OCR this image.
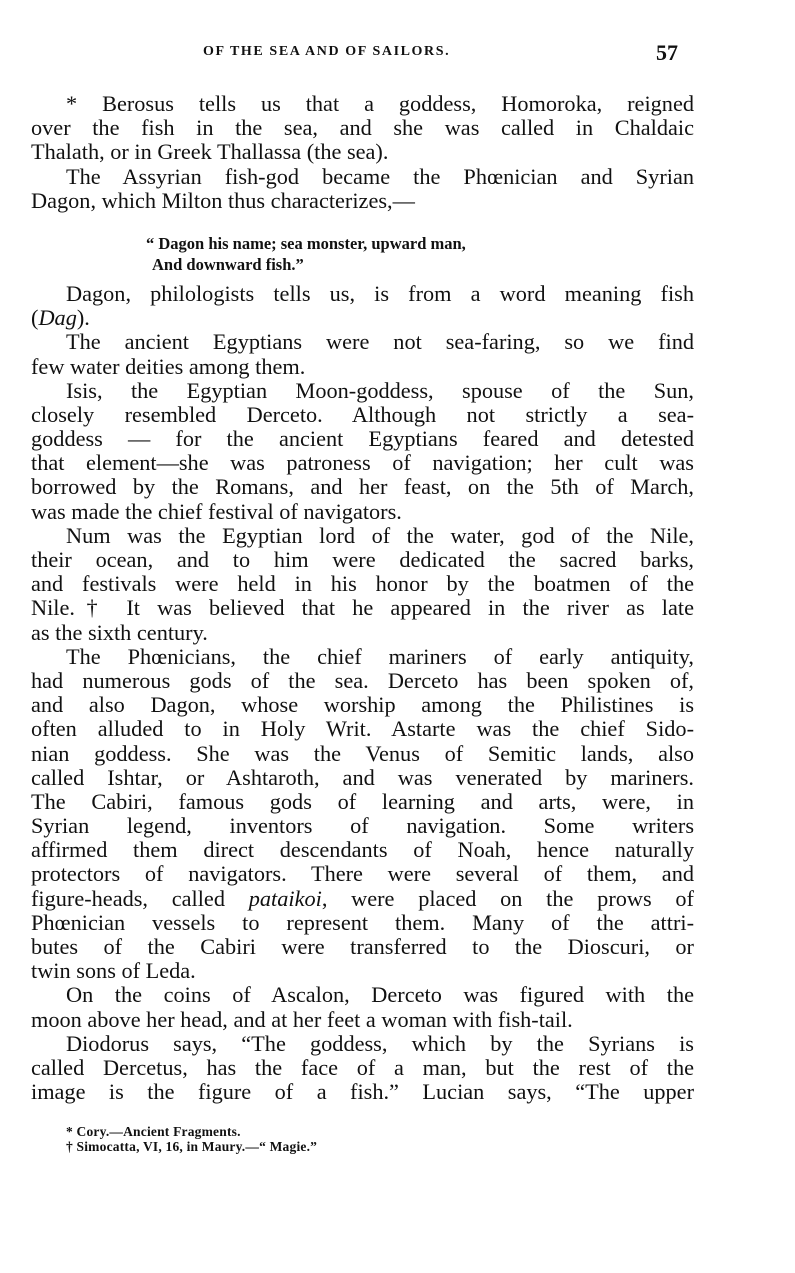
OF THE SEA AND OF SAILORS.	57
* Berosus tells us that a goddess, Homoroka, reigned
over the fish in the sea, and she was called in Chaldaic
Thalath, or in Greek Thallassa (the sea).
The Assyrian fish-god became the Phœnician and Syrian
Dagon, which Milton thus characterizes,—
Dagon, philologists tells us, is from a word meaning fish
(Dag).
The ancient Egyptians were not sea-faring, so we find
few water deities among them.
Isis, the Egyptian Moon-goddess, spouse of the Sun,
closely resembled Derceto. Although not strictly a sea-
goddess — for the ancient Egyptians feared and detested
that element—she was patroness of navigation; her cult was
borrowed by the Romans, and her feast, on the 5th of March,
was made the chief festival of navigators.
Num was the Egyptian lord of the water, god of the Nile,
their ocean, and to him were dedicated the sacred barks,
and festivals were held in his honor by the boatmen of the
Nile.† It was believed that he appeared in the river as late
as the sixth century.
The Phœnicians, the chief mariners of early antiquity,
had numerous gods of the sea. Derceto has been spoken of,
and also Dagon, whose worship among the Philistines is
often alluded to in Holy Writ. Astarte was the chief Sido-
nian goddess. She was the Venus of Semitic lands, also
called Ishtar, or Ashtaroth, and was venerated by mariners.
The Cabiri, famous gods of learning and arts, were, in
Syrian legend, inventors of navigation. Some writers
affirmed them direct descendants of Noah, hence naturally
protectors of navigators. There were several of them, and
figure-heads, called pataikoi, were placed on the prows of
Phœnician vessels to represent them. Many of the attri-
butes of the Cabiri were transferred to the Dioscuri, or
twin sons of Leda.
On the coins of Ascalon, Derceto was figured with the
moon above her head, and at her feet a woman with fish-tail.
Diodorus says, “The goddess, which by the Syrians is
called Dercetus, has the face of a man, but the rest of the
image is the figure of a fish.” Lucian says, “The upper
“ Dagon his name; sea monster, upward man,
And downward fish.”
* Cory.—Ancient Fragments.
† Simocatta, VI, 16, in Maury.—“ Magie.”
